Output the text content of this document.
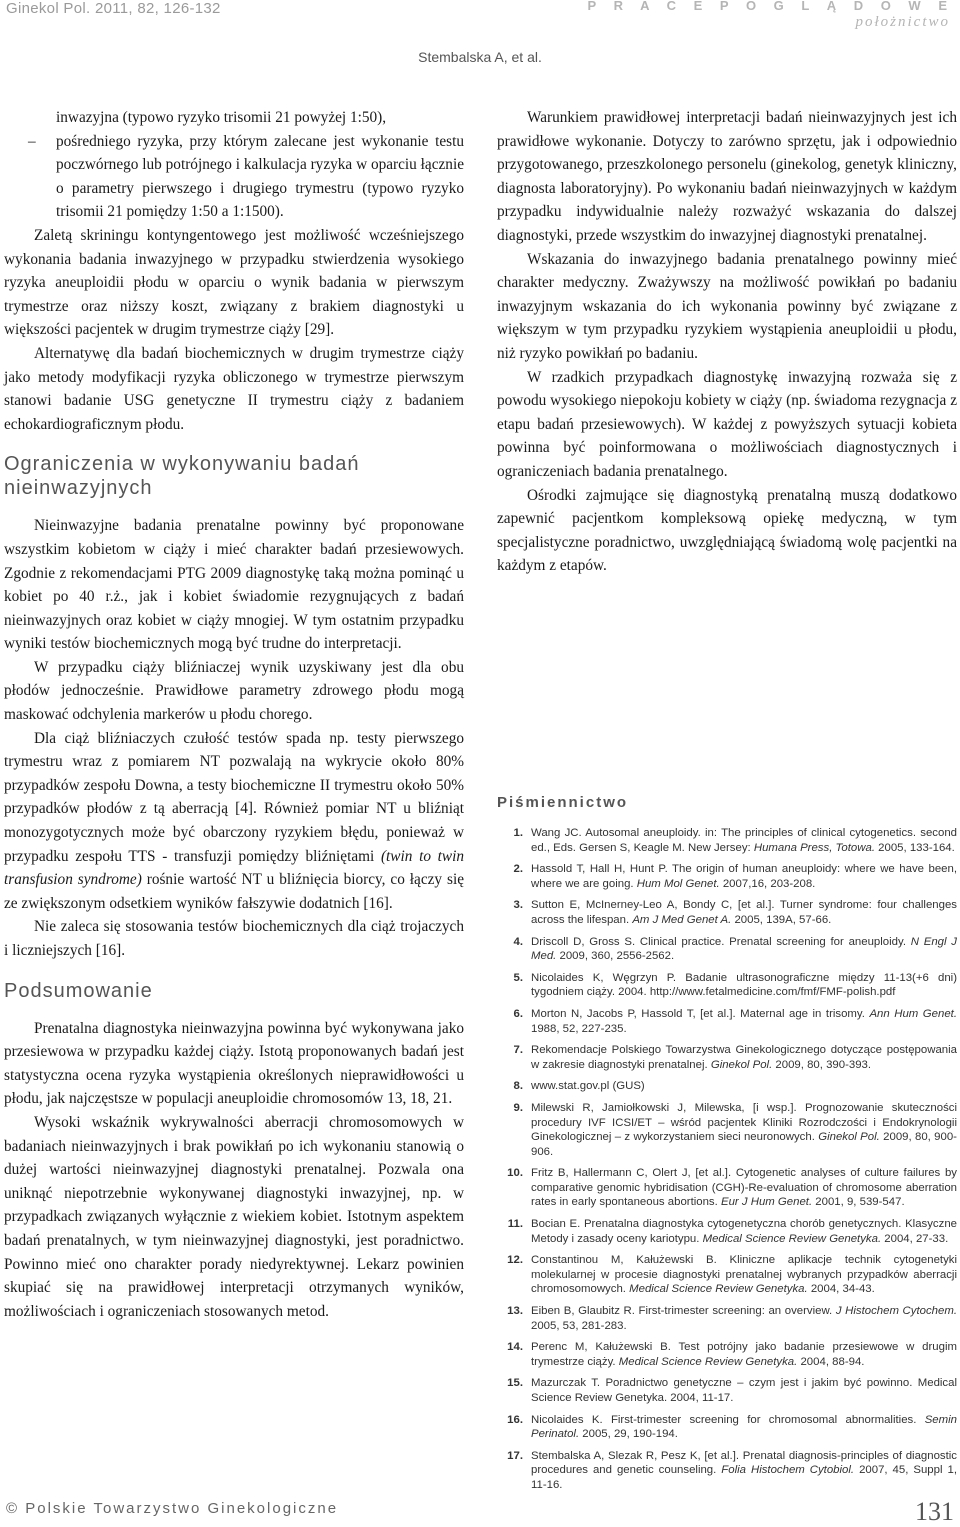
Ginekol Pol. 2011, 82, 126-132	P R A C E P O G L Ą D O W E
położnictwo
Stembalska A, et al.
inwazyjna (typowo ryzyko trisomii 21 powyżej 1:50),
– pośredniego ryzyka, przy którym zalecane jest wykonanie testu poczwórnego lub potrójnego i kalkulacja ryzyka w oparciu łącznie o parametry pierwszego i drugiego trymestru (typowo ryzyko trisomii 21 pomiędzy 1:50 a 1:1500).

Zaletą skriningu kontyngentowego jest możliwość wcześniejszego wykonania badania inwazyjnego w przypadku stwierdzenia wysokiego ryzyka aneuploidii płodu w oparciu o wynik badania w pierwszym trymestrze oraz niższy koszt, związany z brakiem diagnostyki u większości pacjentek w drugim trymestrze ciąży [29].

Alternatywę dla badań biochemicznych w drugim trymestrze ciąży jako metody modyfikacji ryzyka obliczonego w trymestrze pierwszym stanowi badanie USG genetyczne II trymestru ciąży z badaniem echokardiograficznym płodu.

Ograniczenia w wykonywaniu badań nieinwazyjnych

Nieinwazyjne badania prenatalne powinny być proponowane wszystkim kobietom w ciąży i mieć charakter badań przesiewowych. Zgodnie z rekomendacjami PTG 2009 diagnostykę taką można pominąć u kobiet po 40 r.ż., jak i kobiet świadomie rezygnujących z badań nieinwazyjnych oraz kobiet w ciąży mnogiej. W tym ostatnim przypadku wyniki testów biochemicznych mogą być trudne do interpretacji.

W przypadku ciąży bliźniaczej wynik uzyskiwany jest dla obu płodów jednocześnie. Prawidłowe parametry zdrowego płodu mogą maskować odchylenia markerów u płodu chorego.

Dla ciąż bliźniaczych czułość testów spada np. testy pierwszego trymestru wraz z pomiarem NT pozwalają na wykrycie około 80% przypadków zespołu Downa, a testy biochemiczne II trymestru około 50% przypadków płodów z tą aberracją [4]. Również pomiar NT u bliźniąt monozygotycznych może być obarczony ryzykiem błędu, ponieważ w przypadku zespołu TTS - transfuzji pomiędzy bliźniętami (twin to twin transfusion syndrome) rośnie wartość NT u bliźnięcia biorcy, co łączy się ze zwiększonym odsetkiem wyników fałszywie dodatnich [16].

Nie zaleca się stosowania testów biochemicznych dla ciąż trojaczych i liczniejszych [16].

Podsumowanie

Prenatalna diagnostyka nieinwazyjna powinna być wykonywana jako przesiewowa w przypadku każdej ciąży. Istotą proponowanych badań jest statystyczna ocena ryzyka wystąpienia określonych nieprawidłowości u płodu, jak najczęstsze w populacji aneuploidie chromosomów 13, 18, 21.

Wysoki wskaźnik wykrywalności aberracji chromosomowych w badaniach nieinwazyjnych i brak powikłań po ich wykonaniu stanowią o dużej wartości nieinwazyjnej diagnostyki prenatalnej. Pozwala ona uniknąć niepotrzebnie wykonywanej diagnostyki inwazyjnej, np. w przypadkach związanych wyłącznie z wiekiem kobiet. Istotnym aspektem badań prenatalnych, w tym nieinwazyjnej diagnostyki, jest poradnictwo. Powinno mieć ono charakter porady niedyrektywnej. Lekarz powinien skupiać się na prawidłowej interpretacji otrzymanych wyników, możliwościach i ograniczeniach stosowanych metod.

Warunkiem prawidłowej interpretacji badań nieinwazyjnych jest ich prawidłowe wykonanie. Dotyczy to zarówno sprzętu, jak i odpowiednio przygotowanego, przeszkolonego personelu (ginekolog, genetyk kliniczny, diagnosta laboratoryjny). Po wykonaniu badań nieinwazyjnych w każdym przypadku indywidualnie należy rozważyć wskazania do dalszej diagnostyki, przede wszystkim do inwazyjnej diagnostyki prenatalnej.

Wskazania do inwazyjnego badania prenatalnego powinny mieć charakter medyczny. Zważywszy na możliwość powikłań po badaniu inwazyjnym wskazania do ich wykonania powinny być związane z większym w tym przypadku ryzykiem wystąpienia aneuploidii u płodu, niż ryzyko powikłań po badaniu.

W rzadkich przypadkach diagnostykę inwazyjną rozważa się z powodu wysokiego niepokoju kobiety w ciąży (np. świadoma rezygnacja z etapu badań przesiewowych). W każdej z powyższych sytuacji kobieta powinna być poinformowana o możliwościach diagnostycznych i ograniczeniach badania prenatalnego.

Ośrodki zajmujące się diagnostyką prenatalną muszą dodatkowo zapewnić pacjentkom kompleksową opiekę medyczną, w tym specjalistyczne poradnictwo, uwzględniającą świadomą wolę pacjentki na każdym z etapów.

Piśmiennictwo
1. Wang JC. Autosomal aneuploidy. in: The principles of clinical cytogenetics. second ed., Eds. Gersen S, Keagle M. New Jersey: Humana Press, Totowa. 2005, 133-164.
2. Hassold T, Hall H, Hunt P. The origin of human aneuploidy: where we have been, where we are going. Hum Mol Genet. 2007,16, 203-208.
3. Sutton E, McInerney-Leo A, Bondy C, [et al.]. Turner syndrome: four challenges across the lifespan. Am J Med Genet A. 2005, 139A, 57-66.
4. Driscoll D, Gross S. Clinical practice. Prenatal screening for aneuploidy. N Engl J Med. 2009, 360, 2556-2562.
5. Nicolaides K, Węgrzyn P. Badanie ultrasonograficzne między 11-13(+6 dni) tygodniem ciąży. 2004. http://www.fetalmedicine.com/fmf/FMF-polish.pdf
6. Morton N, Jacobs P, Hassold T, [et al.]. Maternal age in trisomy. Ann Hum Genet. 1988, 52, 227-235.
7. Rekomendacje Polskiego Towarzystwa Ginekologicznego dotyczące postępowania w zakresie diagnostyki prenatalnej. Ginekol Pol. 2009, 80, 390-393.
8. www.stat.gov.pl (GUS)
9. Milewski R, Jamiołkowski J, Milewska, [i wsp.]. Prognozowanie skuteczności procedury IVF ICSI/ET – wśród pacjentek Kliniki Rozrodczości i Endokrynologii Ginekologicznej – z wykorzystaniem sieci neuronowych. Ginekol Pol. 2009, 80, 900-906.
10. Fritz B, Hallermann C, Olert J, [et al.]. Cytogenetic analyses of culture failures by comparative genomic hybridisation (CGH)-Re-evaluation of chromosome aberration rates in early spontaneous abortions. Eur J Hum Genet. 2001, 9, 539-547.
11. Bocian E. Prenatalna diagnostyka cytogenetyczna chorób genetycznych. Klasyczne Metody i zasady oceny kariotypu. Medical Science Review Genetyka. 2004, 27-33.
12. Constantinou M, Kałużewski B. Kliniczne aplikacje technik cytogenetyki molekularnej w procesie diagnostyki prenatalnej wybranych przypadków aberracji chromosomowych. Medical Science Review Genetyka. 2004, 34-43.
13. Eiben B, Glaubitz R. First-trimester screening: an overview. J Histochem Cytochem. 2005, 53, 281-283.
14. Perenc M, Kałużewski B. Test potrójny jako badanie przesiewowe w drugim trymestrze ciąży. Medical Science Review Genetyka. 2004, 88-94.
15. Mazurczak T. Poradnictwo genetyczne – czym jest i jakim być powinno. Medical Science Review Genetyka. 2004, 11-17.
16. Nicolaides K. First-trimester screening for chromosomal abnormalities. Semin Perinatol. 2005, 29, 190-194.
17. Stembalska A, Slezak R, Pesz K, [et al.]. Prenatal diagnosis-principles of diagnostic procedures and genetic counseling. Folia Histochem Cytobiol. 2007, 45, Suppl 1, 11-16.
© Polskie Towarzystwo Ginekologiczne	131
